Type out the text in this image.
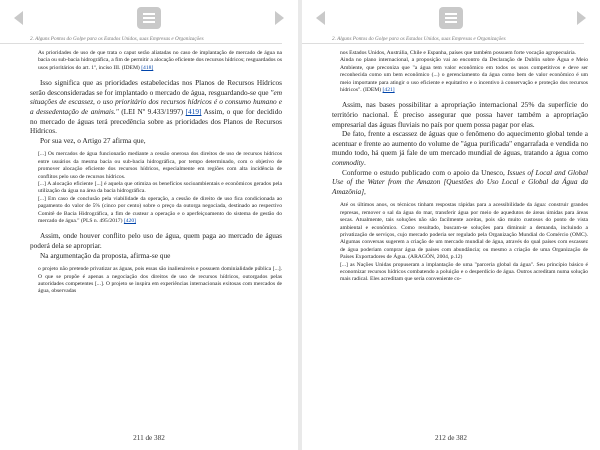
2. Alguns Pontos do Golpe para os Estados Unidos, suas Empresas e Organizações

As prioridades de uso de que trata o caput serão aliatadas no caso de implantação de mercado de água na bacia ou sub-bacia hidrográfica, a fim de permitir a alocação eficiente dos recursos hídricos; resguardados os usos prioritários do art. 1º, inciso III. (IDEM) [418]

Isso significa que as prioridades estabelecidas nos Planos de Recursos Hídricos serão desconsideradas se for implantado o mercado de água, resguardando-se que "em situações de escassez, o uso prioritário dos recursos hídricos é o consumo humano e a dessedentação de animais." (LEI Nº 9.433/1997) [419] Assim, o que for decidido no mercado de águas terá precedência sobre as prioridades dos Planos de Recursos Hídricos.

Por sua vez, o Artigo 27 afirma que,

[...] Os mercados de água funcionarão mediante a cessão onerosa dos direitos de uso de recursos hídricos entre usuários da mesma bacia ou sub-bacia hidrográfica, por tempo determinado, com o objetivo de promover alocação eficiente dos recursos hídricos, especialmente em regiões com alta incidência de conflitos pelo uso de recursos hídricos.

[...] A alocação eficiente [...] é aquela que otimiza os benefícios socioambientais e econômicos gerados pela utilização da água na área da bacia hidrográfica.

[...] Em caso de conclusão pela viabilidade da operação, a cessão de direito de uso fica condicionada ao pagamento do valor de 5% (cinco por cento) sobre o preço da outorga negociada, destinado ao respectivo Comitê de Bacia Hidrográfica, a fim de custear a operação e o aperfeiçoamento do sistema de gestão do mercado de água." (PLS n. 495/2017) [420]

Assim, onde houver conflito pelo uso de água, quem paga ao mercado de águas poderá dela se apropriar.

Na argumentação da proposta, afirma-se que

o projeto não pretende privatizar as águas, pois essas são inalienáveis e possuem dominialidade pública [...]. O que se propõe é apenas a negociação dos direitos de uso de recursos hídricos, outorgados pelas autoridades competentes [...]. O projeto se inspira em experiências internacionais exitosas com mercados de água, observadas

211 de 382
2. Alguns Pontos do Golpe para os Estados Unidos, suas Empresas e Organizações

nos Estados Unidos, Austrália, Chile e Espanha, países que também possuem forte vocação agropecuária.

Ainda no plano internacional, a proposição vai ao encontro da Declaração de Dublin sobre Água e Meio Ambiente, que preconiza que "a água tem valor econômico em todos os usos competitivos e deve ser reconhecida como um bem econômico (...) o gerenciamento da água como bem de valor econômico é um meio importante para atingir o uso eficiente e equitativo e o incentivo à conservação e proteção dos recursos hídricos". (IDEM) [421]

Assim, nas bases possibilitar a apropriação internacional 25% da superfície do território nacional. É preciso assegurar que possa haver também a apropriação empresarial das águas fluviais no país por quem possa pagar por elas.

De fato, frente a escassez de águas que o fenômeno do aquecimento global tende a acentuar e frente ao aumento do volume de "água purificada" engarrafada e vendida no mundo todo, há quem já fale de um mercado mundial de águas, tratando a água como commodity.

Conforme o estudo publicado com o apoio da Unesco, Issues of Local and Global Use of the Water from the Amazon [Questões do Uso Local e Global da Água da Amazônia],

Até os últimos anos, os técnicos tinham respostas rápidas para a acessibilidade da água: construir grandes represas, remover o sal da água do mar, transferir água por meio de aquedutos de áreas úmidas para áreas secas. Atualmente, tais soluções não são facilmente aceitas, pois são muito custosos do ponto de vista ambiental e econômico. Como resultado, buscam-se soluções para diminuir a demanda, incluindo a privatização de serviços, cujo mercado poderia ser regulado pela Organização Mundial do Comércio (OMC). Algumas conversas sugerem a criação de um mercado mundial de água, através do qual países com escassez de água poderiam comprar água de países com abundância; ou mesmo a criação de uma Organização de Países Exportadores de Água. (ARAGÓN, 2004, p.12)

[...] as Nações Unidas propuseram a implantação de uma "parceria global da água". Seu princípio básico é economizar recursos hídricos combatendo a poluição e o desperdício de água. Outros acreditam numa solução mais radical. Eles acreditam que seria conveniente co-

212 de 382
